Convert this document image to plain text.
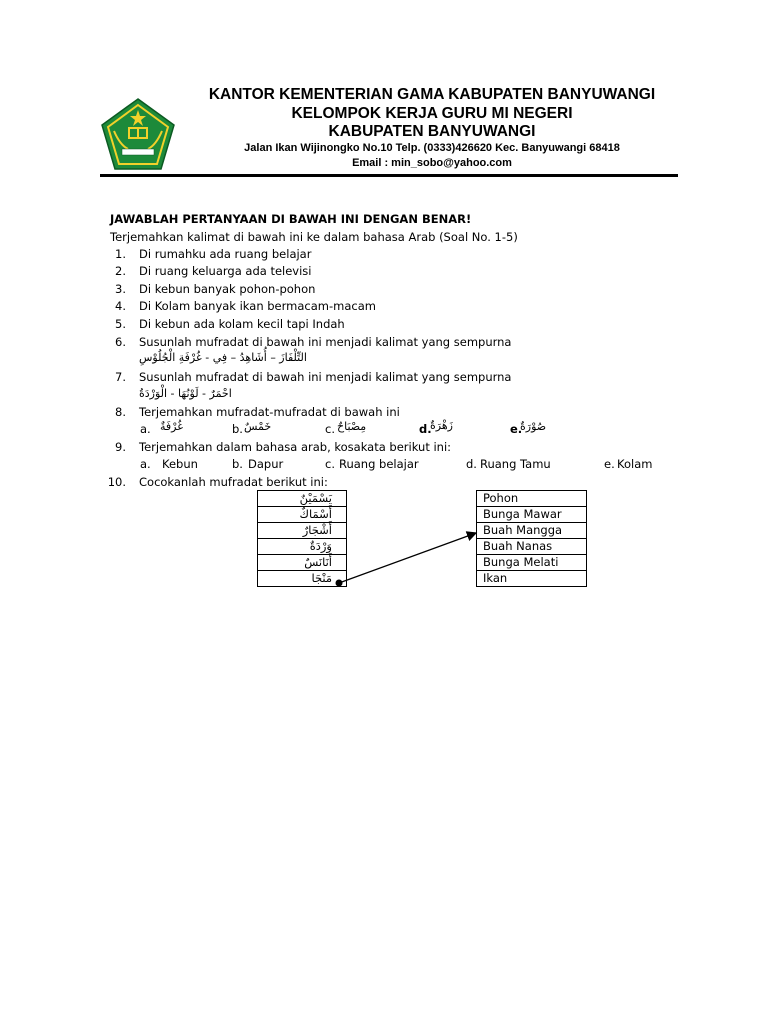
KANTOR KEMENTERIAN GAMA KABUPATEN BANYUWANGI
KELOMPOK KERJA GURU MI NEGERI
KABUPATEN BANYUWANGI
Jalan Ikan Wijinongko No.10 Telp. (0333)426620 Kec. Banyuwangi 68418
Email : min_sobo@yahoo.com
JAWABLAH PERTANYAAN DI BAWAH INI DENGAN BENAR!
Terjemahkan kalimat di bawah ini ke dalam bahasa Arab (Soal No. 1-5)
1. Di rumahku ada ruang belajar
2. Di ruang keluarga ada televisi
3. Di kebun banyak pohon-pohon
4. Di Kolam banyak ikan bermacam-macam
5. Di kebun ada kolam kecil tapi Indah
6. Susunlah mufradat di bawah ini menjadi kalimat yang sempurna
التِّلْفَازَ – أُشَاهِدُ – فِي - غُرْفَةِ الْجُلُوْسِ
7. Susunlah mufradat di bawah ini menjadi kalimat yang sempurna
احْمَرٌ - لَوْنُهَا - الْوَرْدَةُ
8. Terjemahkan mufradat-mufradat di bawah ini
a. غُرْفَةٌ	b. خَمْسٌ	c. مِصْبَاحٌ	d.
زَهْرَةٌ	e.
صُوْرَةٌ
9. Terjemahkan dalam bahasa arab, kosakata berikut ini:
a. Kebun	b. Dapur	c. Ruang belajar	d. Ruang Tamu	e. Kolam
10. Cocokanlah mufradat berikut ini:
يَسْمَيْنٌ
أَسْمَاكٌ
أَشْجَارٌ
وَرْدَةٌ
أَنَانَسٌ
مَنْجَا
Pohon
Bunga Mawar
Buah Mangga
Buah Nanas
Bunga Melati
Ikan
